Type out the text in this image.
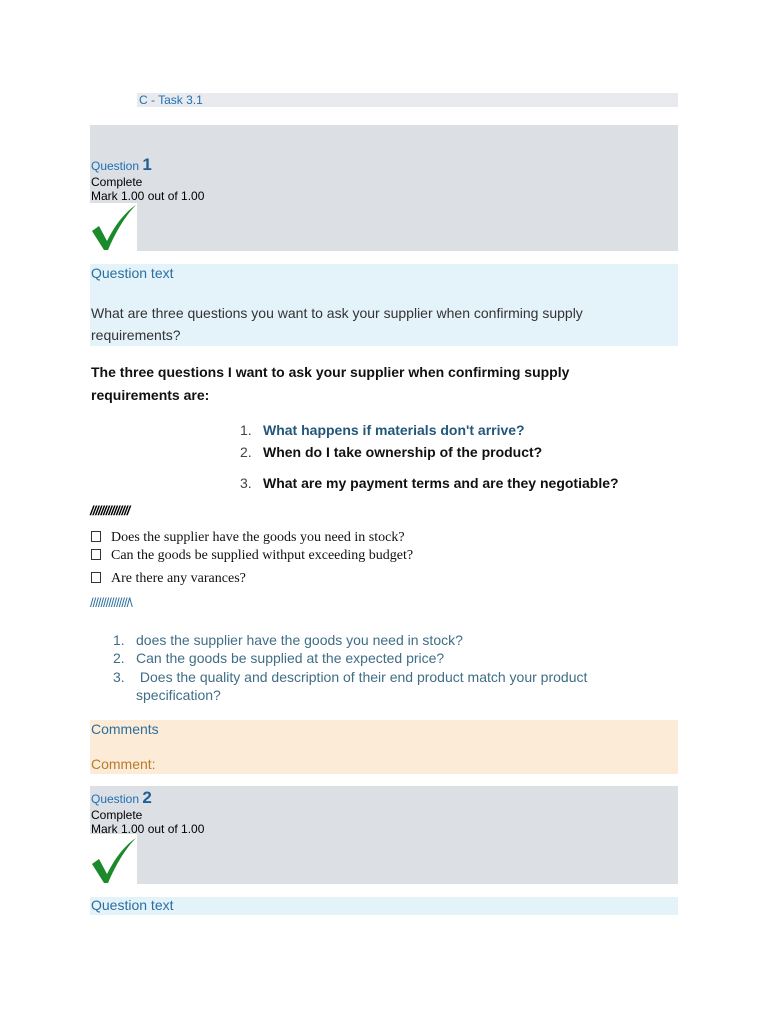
C - Task 3.1
Question 1
Complete
Mark 1.00 out of 1.00
Question text
What are three questions you want to ask your supplier when confirming supply requirements?
The three questions I want to ask your supplier when confirming supply requirements are:
1. What happens if materials don't arrive?
2. When do I take ownership of the product?
3. What are my payment terms and are they negotiable?
///////////////
Does the supplier have the goods you need in stock?
Can the goods be supplied withput exceeding budget?
Are there any varances?
///////////////\
1. does the supplier have the goods you need in stock?
2. Can the goods be supplied at the expected price?
3. Does the quality and description of their end product match your product specification?
Comments
Comment:
Question 2
Complete
Mark 1.00 out of 1.00
Question text
